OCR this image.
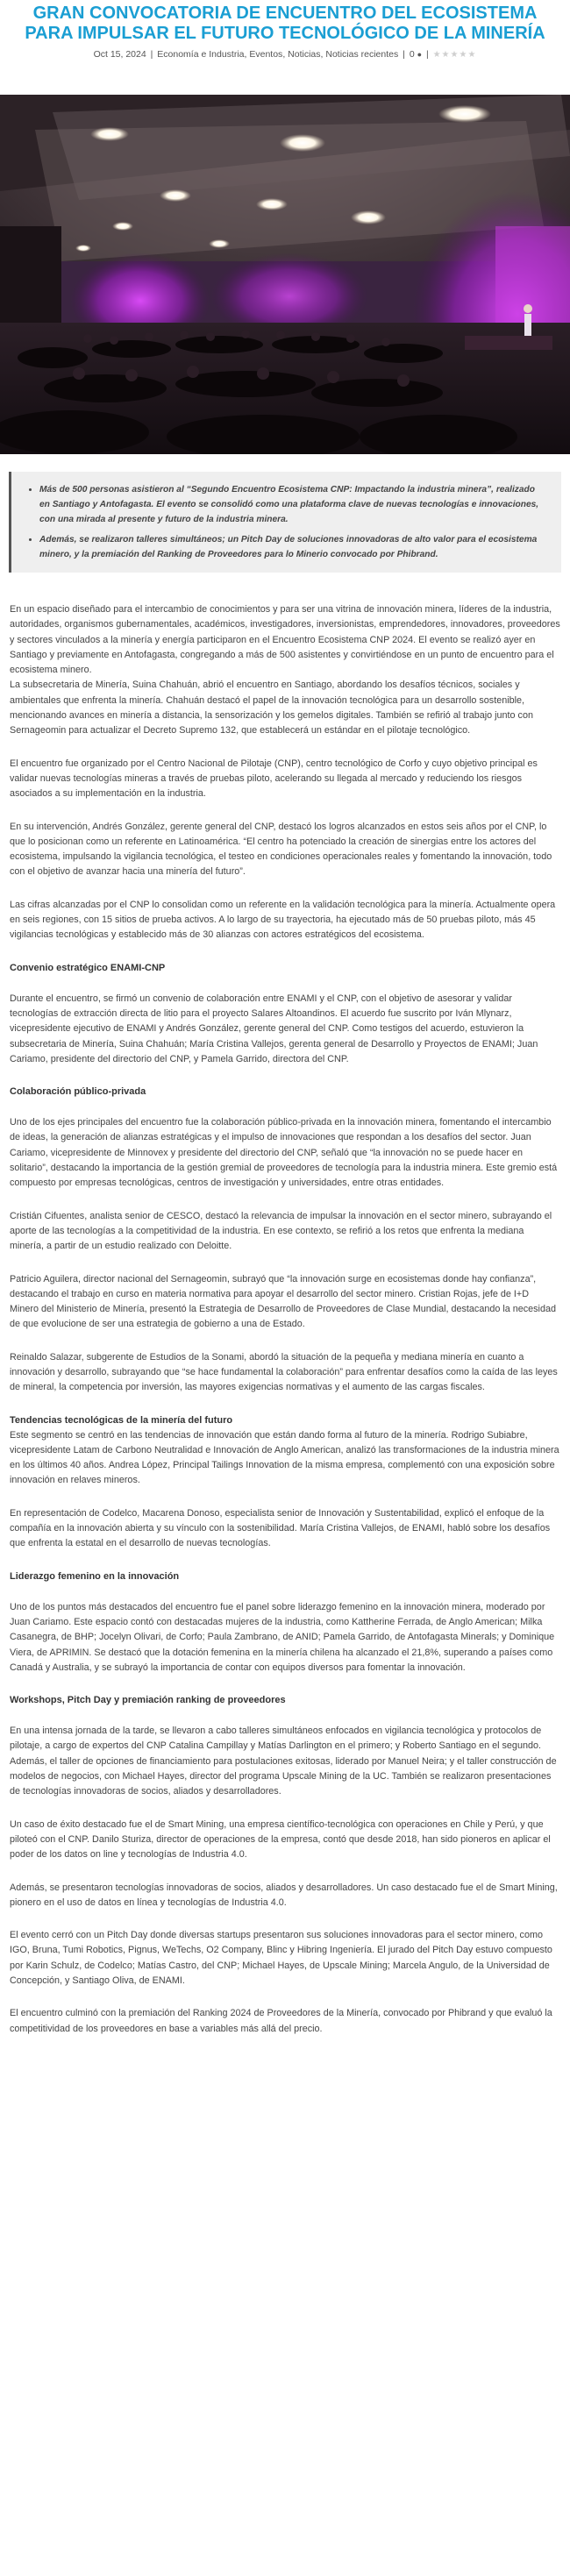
GRAN CONVOCATORIA DE ENCUENTRO DEL ECOSISTEMA PARA IMPULSAR EL FUTURO TECNOLÓGICO DE LA MINERÍA
Oct 15, 2024 | Economía e Industria, Eventos, Noticias, Noticias recientes | 0 ● | ★★★★★
• Más de 500 personas asistieron al “Segundo Encuentro Ecosistema CNP: Impactando la industria minera”, realizado en Santiago y Antofagasta. El evento se consolidó como una plataforma clave de nuevas tecnologías e innovaciones, con una mirada al presente y futuro de la industria minera.
• Además, se realizaron talleres simultáneos; un Pitch Day de soluciones innovadoras de alto valor para el ecosistema minero, y la premiación del Ranking de Proveedores para lo Minerio convocado por Phibrand.

En un espacio diseñado para el intercambio de conocimientos y para ser una vitrina de innovación minera, líderes de la industria, autoridades, organismos gubernamentales, académicos, investigadores, inversionistas, emprendedores, innovadores, proveedores y sectores vinculados a la minería y energía participaron en el Encuentro Ecosistema CNP 2024. El evento se realizó ayer en Santiago y previamente en Antofagasta, congregando a más de 500 asistentes y convirtiéndose en un punto de encuentro para el ecosistema minero.

La subsecretaria de Minería, Suina Chahuán, abrió el encuentro en Santiago, abordando los desafíos técnicos, sociales y ambientales que enfrenta la minería. Chahuán destacó el papel de la innovación tecnológica para un desarrollo sostenible, mencionando avances en minería a distancia, la sensorización y los gemelos digitales. También se refirió al trabajo junto con Sernageomin para actualizar el Decreto Supremo 132, que establecerá un estándar en el pilotaje tecnológico.

El encuentro fue organizado por el Centro Nacional de Pilotaje (CNP), centro tecnológico de Corfo y cuyo objetivo principal es validar nuevas tecnologías mineras a través de pruebas piloto, acelerando su llegada al mercado y reduciendo los riesgos asociados a su implementación en la industria.

En su intervención, Andrés González, gerente general del CNP, destacó los logros alcanzados en estos seis años por el CNP, lo que lo posicionan como un referente en Latinoamérica. “El centro ha potenciado la creación de sinergias entre los actores del ecosistema, impulsando la vigilancia tecnológica, el testeo en condiciones operacionales reales y fomentando la innovación, todo con el objetivo de avanzar hacia una minería del futuro”.

Las cifras alcanzadas por el CNP lo consolidan como un referente en la validación tecnológica para la minería. Actualmente opera en seis regiones, con 15 sitios de prueba activos. A lo largo de su trayectoria, ha ejecutado más de 50 pruebas piloto, más 45 vigilancias tecnológicas y establecido más de 30 alianzas con actores estratégicos del ecosistema.

Convenio estratégico ENAMI-CNP

Durante el encuentro, se firmó un convenio de colaboración entre ENAMI y el CNP, con el objetivo de asesorar y validar tecnologías de extracción directa de litio para el proyecto Salares Altoandinos. El acuerdo fue suscrito por Iván Mlynarz, vicepresidente ejecutivo de ENAMI y Andrés González, gerente general del CNP. Como testigos del acuerdo, estuvieron la subsecretaria de Minería, Suina Chahuán; María Cristina Vallejos, gerenta general de Desarrollo y Proyectos de ENAMI; Juan Cariamo, presidente del directorio del CNP, y Pamela Garrido, directora del CNP.

Colaboración público-privada

Uno de los ejes principales del encuentro fue la colaboración público-privada en la innovación minera, fomentando el intercambio de ideas, la generación de alianzas estratégicas y el impulso de innovaciones que respondan a los desafíos del sector. Juan Cariamo, vicepresidente de Minnovex y presidente del directorio del CNP, señaló que “la innovación no se puede hacer en solitario”, destacando la importancia de la gestión gremial de proveedores de tecnología para la industria minera. Este gremio está compuesto por empresas tecnológicas, centros de investigación y universidades, entre otras entidades.

Cristián Cifuentes, analista senior de CESCO, destacó la relevancia de impulsar la innovación en el sector minero, subrayando el aporte de las tecnologías a la competitividad de la industria. En ese contexto, se refirió a los retos que enfrenta la mediana minería, a partir de un estudio realizado con Deloitte.

Patricio Aguilera, director nacional del Sernageomin, subrayó que “la innovación surge en ecosistemas donde hay confianza”, destacando el trabajo en curso en materia normativa para apoyar el desarrollo del sector minero. Cristian Rojas, jefe de I+D Minero del Ministerio de Minería, presentó la Estrategia de Desarrollo de Proveedores de Clase Mundial, destacando la necesidad de que evolucione de ser una estrategia de gobierno a una de Estado.

Reinaldo Salazar, subgerente de Estudios de la Sonami, abordó la situación de la pequeña y mediana minería en cuanto a innovación y desarrollo, subrayando que “se hace fundamental la colaboración” para enfrentar desafíos como la caída de las leyes de mineral, la competencia por inversión, las mayores exigencias normativas y el aumento de las cargas fiscales.

Tendencias tecnológicas de la minería del futuro

Este segmento se centró en las tendencias de innovación que están dando forma al futuro de la minería. Rodrigo Subiabre, vicepresidente Latam de Carbono Neutralidad e Innovación de Anglo American, analizó las transformaciones de la industria minera en los últimos 40 años. Andrea López, Principal Tailings Innovation de la misma empresa, complementó con una exposición sobre innovación en relaves mineros.

En representación de Codelco, Macarena Donoso, especialista senior de Innovación y Sustentabilidad, explicó el enfoque de la compañía en la innovación abierta y su vínculo con la sostenibilidad. María Cristina Vallejos, de ENAMI, habló sobre los desafíos que enfrenta la estatal en el desarrollo de nuevas tecnologías.

Liderazgo femenino en la innovación

Uno de los puntos más destacados del encuentro fue el panel sobre liderazgo femenino en la innovación minera, moderado por Juan Cariamo. Este espacio contó con destacadas mujeres de la industria, como Kattherine Ferrada, de Anglo American; Milka Casanegra, de BHP; Jocelyn Olivari, de Corfo; Paula Zambrano, de ANID; Pamela Garrido, de Antofagasta Minerals; y Dominique Viera, de APRIMIN. Se destacó que la dotación femenina en la minería chilena ha alcanzado el 21,8%, superando a países como Canadá y Australia, y se subrayó la importancia de contar con equipos diversos para fomentar la innovación.

Workshops, Pitch Day y premiación ranking de proveedores

En una intensa jornada de la tarde, se llevaron a cabo talleres simultáneos enfocados en vigilancia tecnológica y protocolos de pilotaje, a cargo de expertos del CNP Catalina Campillay y Matías Darlington en el primero; y Roberto Santiago en el segundo. Además, el taller de opciones de financiamiento para postulaciones exitosas, liderado por Manuel Neira; y el taller construcción de modelos de negocios, con Michael Hayes, director del programa Upscale Mining de la UC. También se realizaron presentaciones de tecnologías innovadoras de socios, aliados y desarrolladores.

Un caso de éxito destacado fue el de Smart Mining, una empresa científico-tecnológica con operaciones en Chile y Perú, y que piloteó con el CNP. Danilo Sturiza, director de operaciones de la empresa, contó que desde 2018, han sido pioneros en aplicar el poder de los datos on line y tecnologías de Industria 4.0.

Además, se presentaron tecnologías innovadoras de socios, aliados y desarrolladores. Un caso destacado fue el de Smart Mining, pionero en el uso de datos en línea y tecnologías de Industria 4.0.

El evento cerró con un Pitch Day donde diversas startups presentaron sus soluciones innovadoras para el sector minero, como IGO, Bruna, Tumi Robotics, Pignus, WeTechs, O2 Company, Blinc y Hibring Ingeniería. El jurado del Pitch Day estuvo compuesto por Karin Schulz, de Codelco; Matías Castro, del CNP; Michael Hayes, de Upscale Mining; Marcela Angulo, de la Universidad de Concepción, y Santiago Oliva, de ENAMI.

El encuentro culminó con la premiación del Ranking 2024 de Proveedores de la Minería, convocado por Phibrand y que evaluó la competitividad de los proveedores en base a variables más allá del precio.
